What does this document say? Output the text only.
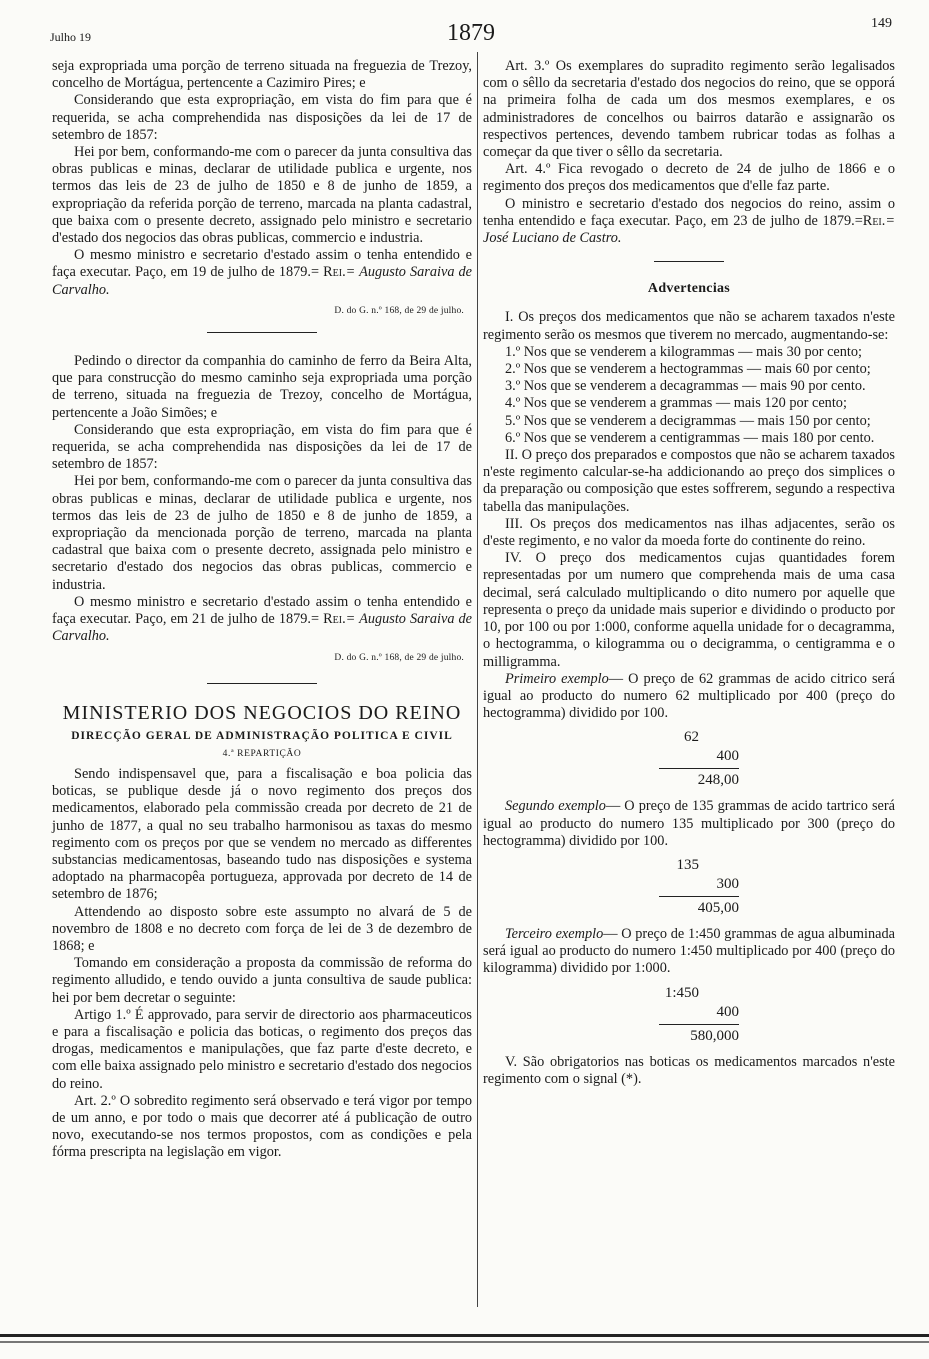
Julho 19	1879	149

seja expropriada uma porção de terreno situada na freguezia de Trezoy, concelho de Mortágua, pertencente a Cazimiro Pires; e

Considerando que esta expropriação, em vista do fim para que é requerida, se acha comprehendida nas disposições da lei de 17 de setembro de 1857:

Hei por bem, conformando-me com o parecer da junta consultiva das obras publicas e minas, declarar de utilidade publica e urgente, nos termos das leis de 23 de julho de 1850 e 8 de junho de 1859, a expropriação da referida porção de terreno, marcada na planta cadastral, que baixa com o presente decreto, assignado pelo ministro e secretario d'estado dos negocios das obras publicas, commercio e industria.

O mesmo ministro e secretario d'estado assim o tenha entendido e faça executar. Paço, em 19 de julho de 1879.= Rei.= Augusto Saraiva de Carvalho.

D. do G. n.º 168, de 29 de julho.

Pedindo o director da companhia do caminho de ferro da Beira Alta, que para construcção do mesmo caminho seja expropriada uma porção de terreno, situada na freguezia de Trezoy, concelho de Mortágua, pertencente a João Simões; e

Considerando que esta expropriação, em vista do fim para que é requerida, se acha comprehendida nas disposições da lei de 17 de setembro de 1857:

Hei por bem, conformando-me com o parecer da junta consultiva das obras publicas e minas, declarar de utilidade publica e urgente, nos termos das leis de 23 de julho de 1850 e 8 de junho de 1859, a expropriação da mencionada porção de terreno, marcada na planta cadastral que baixa com o presente decreto, assignada pelo ministro e secretario d'estado dos negocios das obras publicas, commercio e industria.

O mesmo ministro e secretario d'estado assim o tenha entendido e faça executar. Paço, em 21 de julho de 1879.= Rei.= Augusto Saraiva de Carvalho.

D. do G. n.º 168, de 29 de julho.
MINISTERIO DOS NEGOCIOS DO REINO
DIRECÇÃO GERAL DE ADMINISTRAÇÃO POLITICA E CIVIL
4.ª REPARTIÇÃO

Sendo indispensavel que, para a fiscalisação e boa policia das boticas, se publique desde já o novo regimento dos preços dos medicamentos, elaborado pela commissão creada por decreto de 21 de junho de 1877, a qual no seu trabalho harmonisou as taxas do mesmo regimento com os preços por que se vendem no mercado as differentes substancias medicamentosas, baseando tudo nas disposições e systema adoptado na pharmacopêa portugueza, approvada por decreto de 14 de setembro de 1876;

Attendendo ao disposto sobre este assumpto no alvará de 5 de novembro de 1808 e no decreto com força de lei de 3 de dezembro de 1868; e

Tomando em consideração a proposta da commissão de reforma do regimento alludido, e tendo ouvido a junta consultiva de saude publica: hei por bem decretar o seguinte:

Artigo 1.º É approvado, para servir de directorio aos pharmaceuticos e para a fiscalisação e policia das boticas, o regimento dos preços das drogas, medicamentos e manipulações, que faz parte d'este decreto, e com elle baixa assignado pelo ministro e secretario d'estado dos negocios do reino.

Art. 2.º O sobredito regimento será observado e terá vigor por tempo de um anno, e por todo o mais que decorrer até á publicação de outro novo, executando-se nos termos propostos, com as condições e pela fórma prescripta na legislação em vigor.

Art. 3.º Os exemplares do supradito regimento serão legalisados com o sêllo da secretaria d'estado dos negocios do reino, que se opporá na primeira folha de cada um dos mesmos exemplares, e os administradores de concelhos ou bairros datarão e assignarão os respectivos pertences, devendo tambem rubricar todas as folhas a começar da que tiver o sêllo da secretaria.

Art. 4.º Fica revogado o decreto de 24 de julho de 1866 e o regimento dos preços dos medicamentos que d'elle faz parte.

O ministro e secretario d'estado dos negocios do reino, assim o tenha entendido e faça executar. Paço, em 23 de julho de 1879.=Rei.= José Luciano de Castro.

Advertencias

I. Os preços dos medicamentos que não se acharem taxados n'este regimento serão os mesmos que tiverem no mercado, augmentando-se:

1.º Nos que se venderem a kilogrammas — mais 30 por cento;

2.º Nos que se venderem a hectogrammas — mais 60 por cento;

3.º Nos que se venderem a decagrammas — mais 90 por cento.

4.º Nos que se venderem a grammas — mais 120 por cento;

5.º Nos que se venderem a decigrammas — mais 150 por cento;

6.º Nos que se venderem a centigrammas — mais 180 por cento.

II. O preço dos preparados e compostos que não se acharem taxados n'este regimento calcular-se-ha addicionando ao preço dos simplices o da preparação ou composição que estes soffrerem, segundo a respectiva tabella das manipulações.

III. Os preços dos medicamentos nas ilhas adjacentes, serão os d'este regimento, e no valor da moeda forte do continente do reino.

IV. O preço dos medicamentos cujas quantidades forem representadas por um numero que comprehenda mais de uma casa decimal, será calculado multiplicando o dito numero por aquelle que representa o preço da unidade mais superior e dividindo o producto por 10, por 100 ou por 1:000, conforme aquella unidade for o decagramma, o hectogramma, o kilogramma ou o decigramma, o centigramma e o milligramma.

Primeiro exemplo— O preço de 62 grammas de acido citrico será igual ao producto do numero 62 multiplicado por 400 (preço do hectogramma) dividido por 100.

62
400
248,00

Segundo exemplo— O preço de 135 grammas de acido tartrico será igual ao producto do numero 135 multiplicado por 300 (preço do hectogramma) dividido por 100.

135
300
405,00

Terceiro exemplo— O preço de 1:450 grammas de agua albuminada será igual ao producto do numero 1:450 multiplicado por 400 (preço do kilogramma) dividido por 1:000.

1:450
400
580,000

V. São obrigatorios nas boticas os medicamentos marcados n'este regimento com o signal (*).
